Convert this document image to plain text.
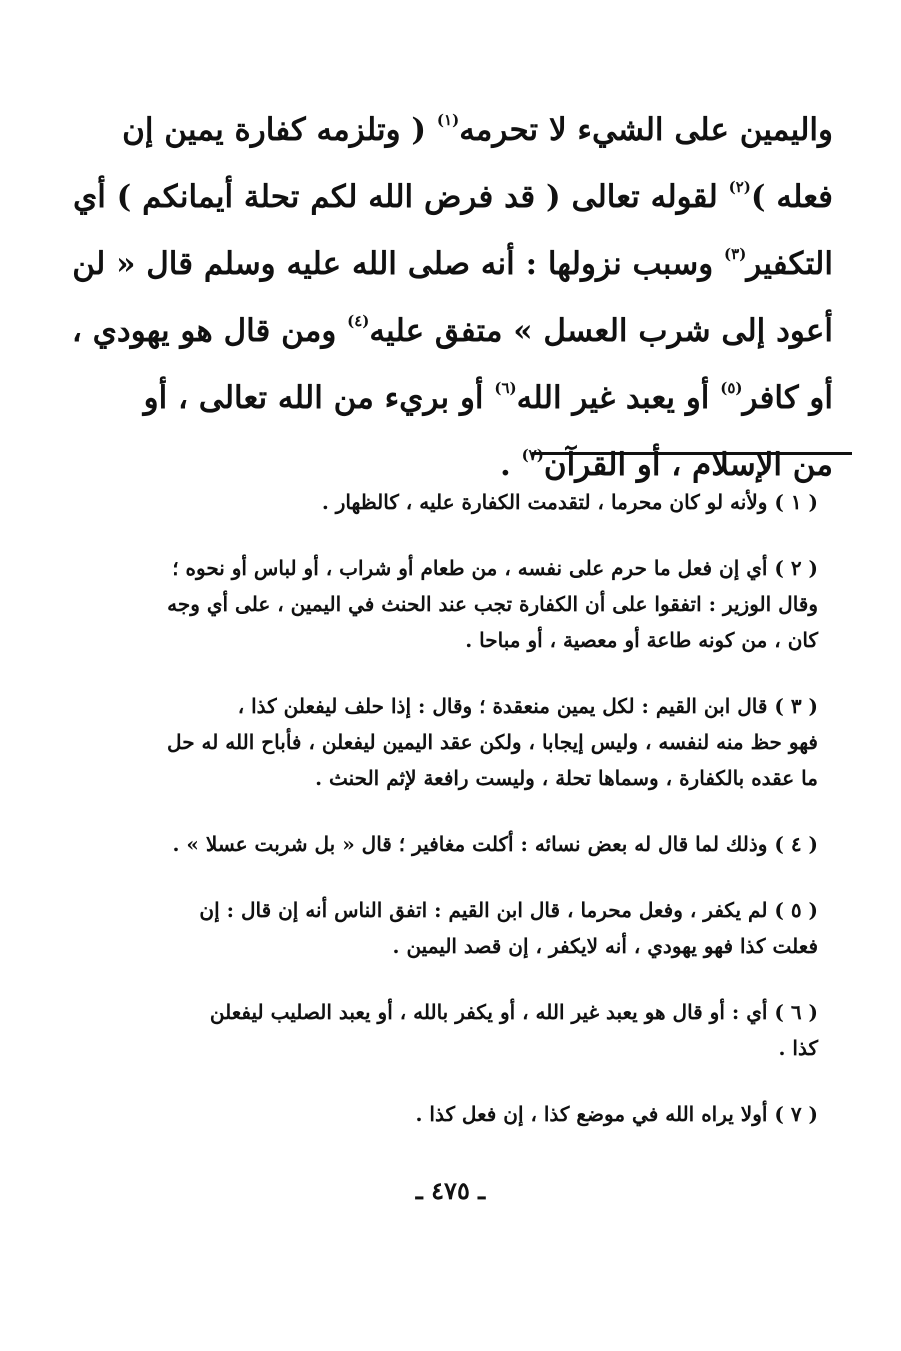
واليمين على الشيء لا تحرمه$^{(١)}$ ( وتلزمه كفارة يمين إن
فعله )$^{(٢)}$ لقوله تعالى ( قد فرض الله لكم تحلة أيمانكم ) أي
التكفير$^{(٣)}$ وسبب نزولها : أنه صلى الله عليه وسلم قال « لن
أعود إلى شرب العسل » متفق عليه$^{(٤)}$ ومن قال هو يهودي ،
أو كافر$^{(٥)}$ أو يعبد غير الله$^{(٦)}$ أو بريء من الله تعالى ، أو
من الإسلام ، أو القرآن$^{(٧)}$ .
( ١ ) ولأنه لو كان محرما ، لتقدمت الكفارة عليه ، كالظهار .
( ٢ ) أي إن فعل ما حرم على نفسه ، من طعام أو شراب ، أو لباس أو نحوه ؛
وقال الوزير : اتفقوا على أن الكفارة تجب عند الحنث في اليمين ، على أي وجه
كان ، من كونه طاعة أو معصية ، أو مباحا .
( ٣ ) قال ابن القيم : لكل يمين منعقدة ؛ وقال : إذا حلف ليفعلن كذا ،
فهو حظ منه لنفسه ، وليس إيجابا ، ولكن عقد اليمين ليفعلن ، فأباح الله له حل
ما عقده بالكفارة ، وسماها تحلة ، وليست رافعة لإثم الحنث .
( ٤ ) وذلك لما قال له بعض نسائه : أكلت مغافير ؛ قال « بل شربت عسلا » .
( ٥ ) لم يكفر ، وفعل محرما ، قال ابن القيم : اتفق الناس أنه إن قال : إن
فعلت كذا فهو يهودي ، أنه لايكفر ، إن قصد اليمين .
( ٦ ) أي : أو قال هو يعبد غير الله ، أو يكفر بالله ، أو يعبد الصليب ليفعلن
كذا .
( ٧ ) أولا يراه الله في موضع كذا ، إن فعل كذا .
ـ ٤٧٥ ـ
